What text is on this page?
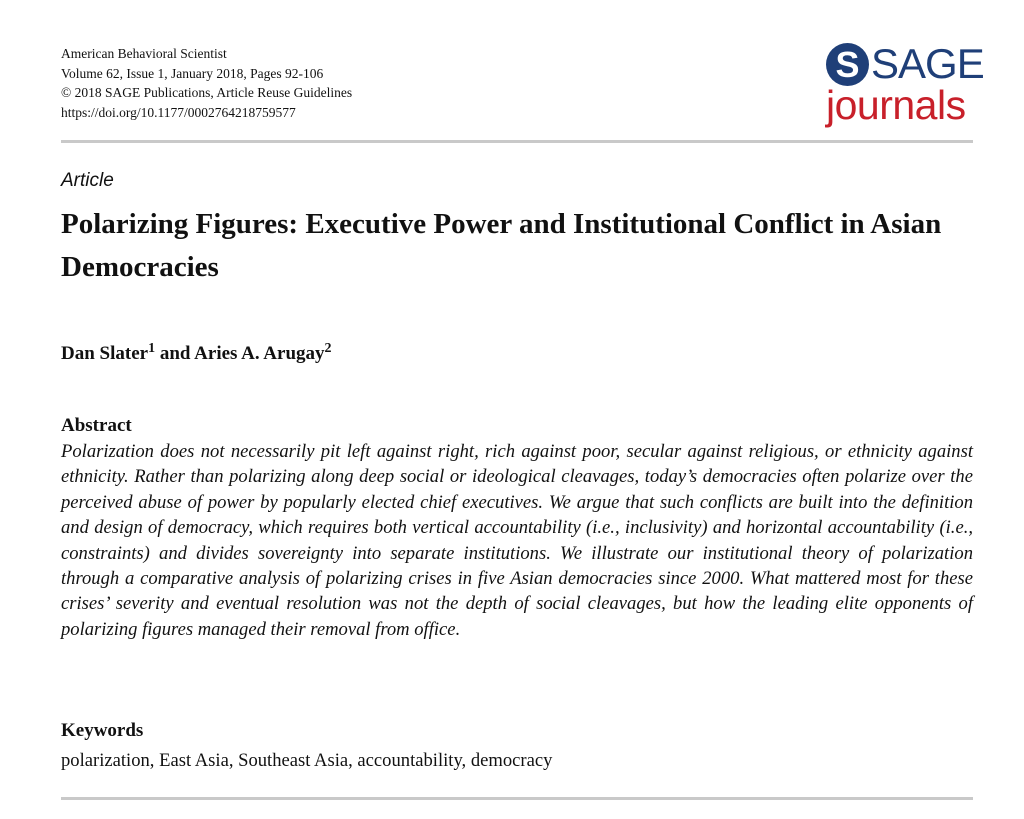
American Behavioral Scientist
Volume 62, Issue 1, January 2018, Pages 92-106
© 2018 SAGE Publications, Article Reuse Guidelines
https://doi.org/10.1177/0002764218759577
S SAGE
journals
Article
Polarizing Figures: Executive Power and Institutional Conflict in Asian Democracies
Dan Slater$^1$ and Aries A. Arugay$^2$
Abstract

Polarization does not necessarily pit left against right, rich against poor, secular against religious, or ethnicity against ethnicity. Rather than polarizing along deep social or ideological cleavages, today’s democracies often polarize over the perceived abuse of power by popularly elected chief executives. We argue that such conflicts are built into the definition and design of democracy, which requires both vertical accountability (i.e., inclusivity) and horizontal accountability (i.e., constraints) and divides sovereignty into separate institutions. We illustrate our institutional theory of polarization through a comparative analysis of polarizing crises in five Asian democracies since 2000. What mattered most for these crises’ severity and eventual resolution was not the depth of social cleavages, but how the leading elite opponents of polarizing figures managed their removal from office.

Keywords
polarization, East Asia, Southeast Asia, accountability, democracy
